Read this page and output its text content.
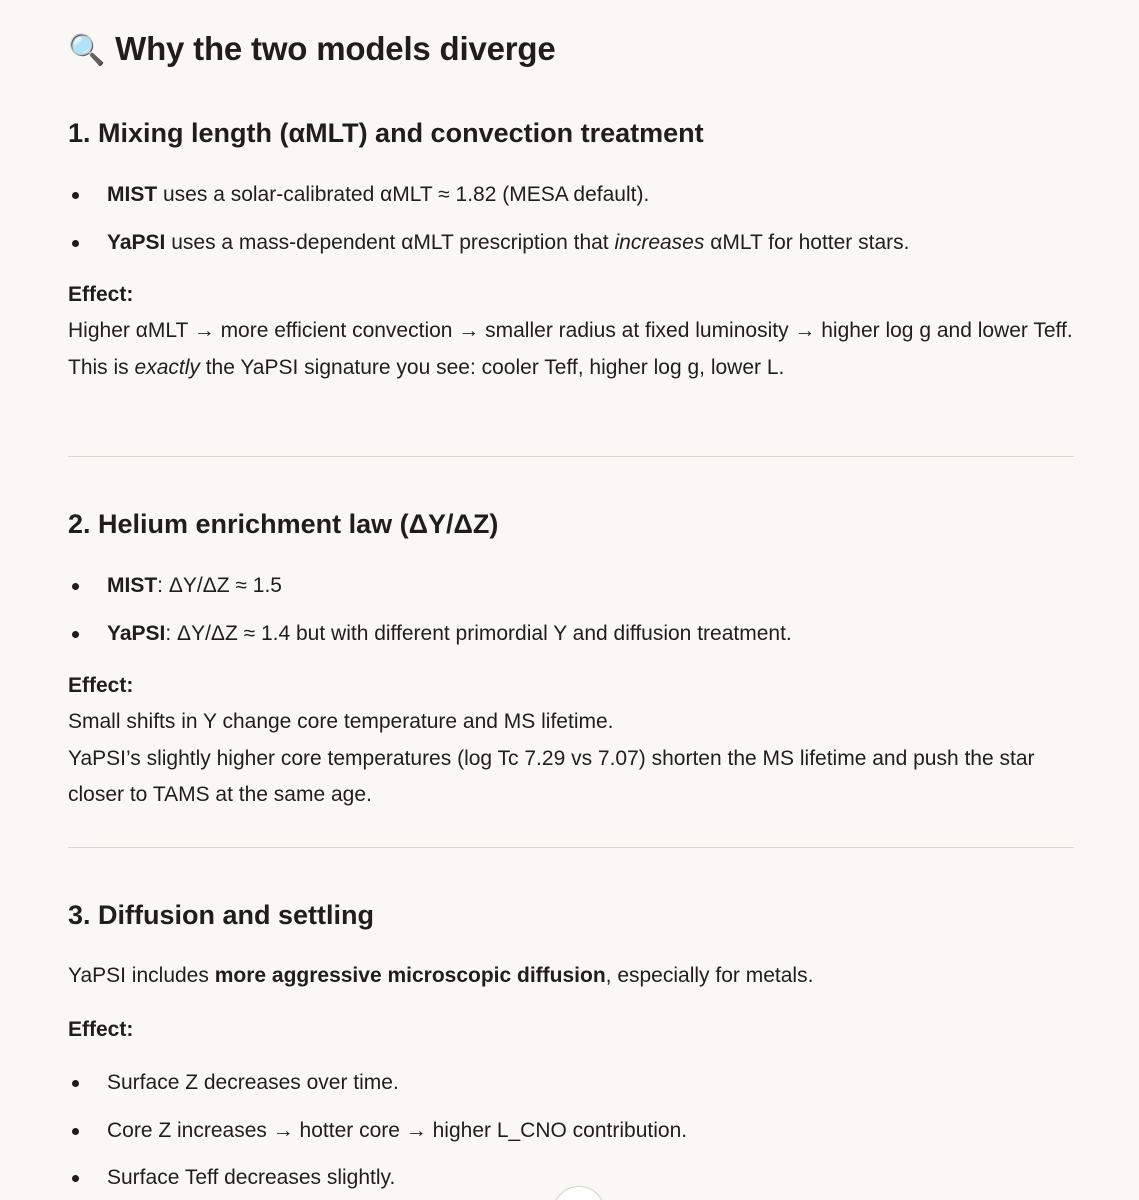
🔍 Why the two models diverge
1. Mixing length (αMLT) and convection treatment
MIST uses a solar-calibrated αMLT ≈ 1.82 (MESA default).
YaPSI uses a mass-dependent αMLT prescription that increases αMLT for hotter stars.
Effect:

Higher αMLT → more efficient convection → smaller radius at fixed luminosity → higher log g and lower Teff.
This is exactly the YaPSI signature you see: cooler Teff, higher log g, lower L.

2. Helium enrichment law (ΔY/ΔZ)
MIST: ΔY/ΔZ ≈ 1.5
YaPSI: ΔY/ΔZ ≈ 1.4 but with different primordial Y and diffusion treatment.
Effect:

Small shifts in Y change core temperature and MS lifetime.
YaPSI’s slightly higher core temperatures (log Tc 7.29 vs 7.07) shorten the MS lifetime and push the star closer to TAMS at the same age.

3. Diffusion and settling

YaPSI includes more aggressive microscopic diffusion, especially for metals.

Effect:
Surface Z decreases over time.
Core Z increases → hotter core → higher L_CNO contribution.
Surface Teff decreases slightly.
